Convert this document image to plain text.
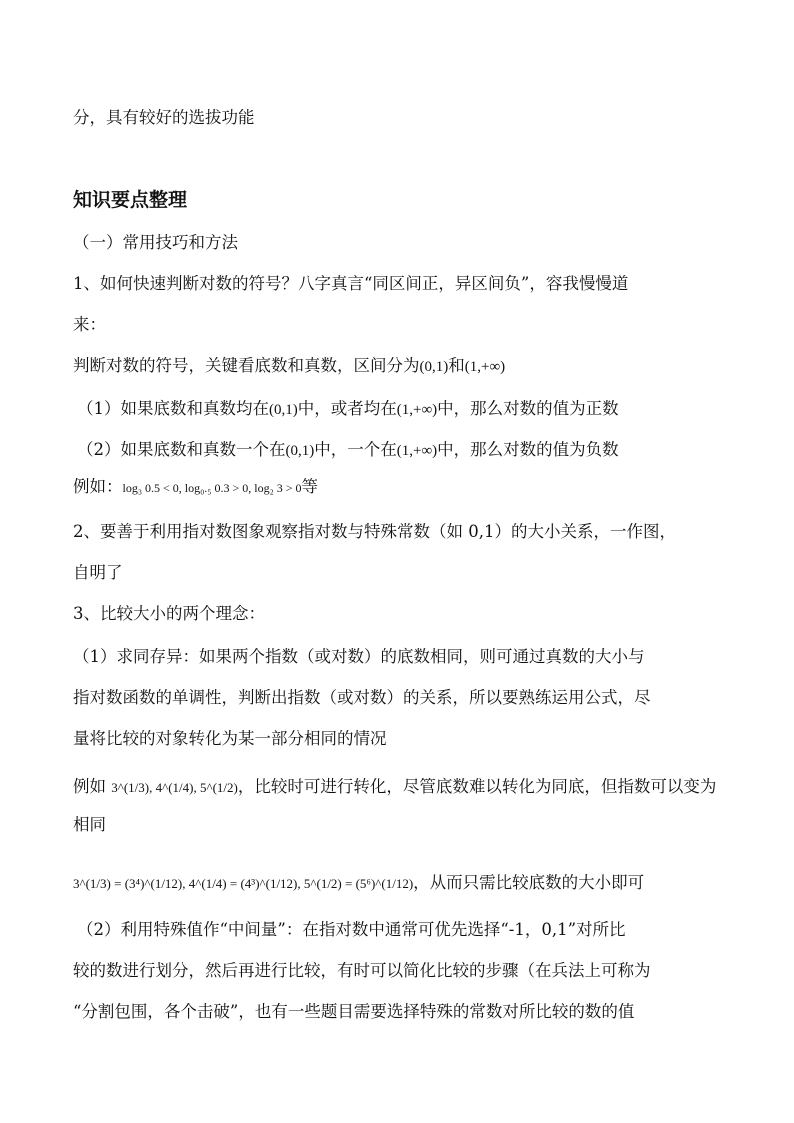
分，具有较好的选拔功能
知识要点整理
（一）常用技巧和方法
1、如何快速判断对数的符号？八字真言“同区间正，异区间负”，容我慢慢道
来：
判断对数的符号，关键看底数和真数，区间分为(0,1)和(1,+∞)
（1）如果底数和真数均在(0,1)中，或者均在(1,+∞)中，那么对数的值为正数
（2）如果底数和真数一个在(0,1)中，一个在(1,+∞)中，那么对数的值为负数
例如：log₃ 0.5 < 0, log₀.₅ 0.3 > 0, log₂ 3 > 0等
2、要善于利用指对数图象观察指对数与特殊常数（如 0,1）的大小关系，一作图，
自明了
3、比较大小的两个理念：
（1）求同存异：如果两个指数（或对数）的底数相同，则可通过真数的大小与
指对数函数的单调性，判断出指数（或对数）的关系，所以要熟练运用公式，尽
量将比较的对象转化为某一部分相同的情况
例如 3^(1/3), 4^(1/4), 5^(1/2)，比较时可进行转化，尽管底数难以转化为同底，但指数可以变为
相同
3^(1/3) = (3⁴)^(1/12), 4^(1/4) = (4³)^(1/12), 5^(1/2) = (5⁶)^(1/12)，从而只需比较底数的大小即可
（2）利用特殊值作“中间量”：在指对数中通常可优先选择“-1，0,1”对所比
较的数进行划分，然后再进行比较，有时可以简化比较的步骤（在兵法上可称为
“分割包围，各个击破”，也有一些题目需要选择特殊的常数对所比较的数的值
